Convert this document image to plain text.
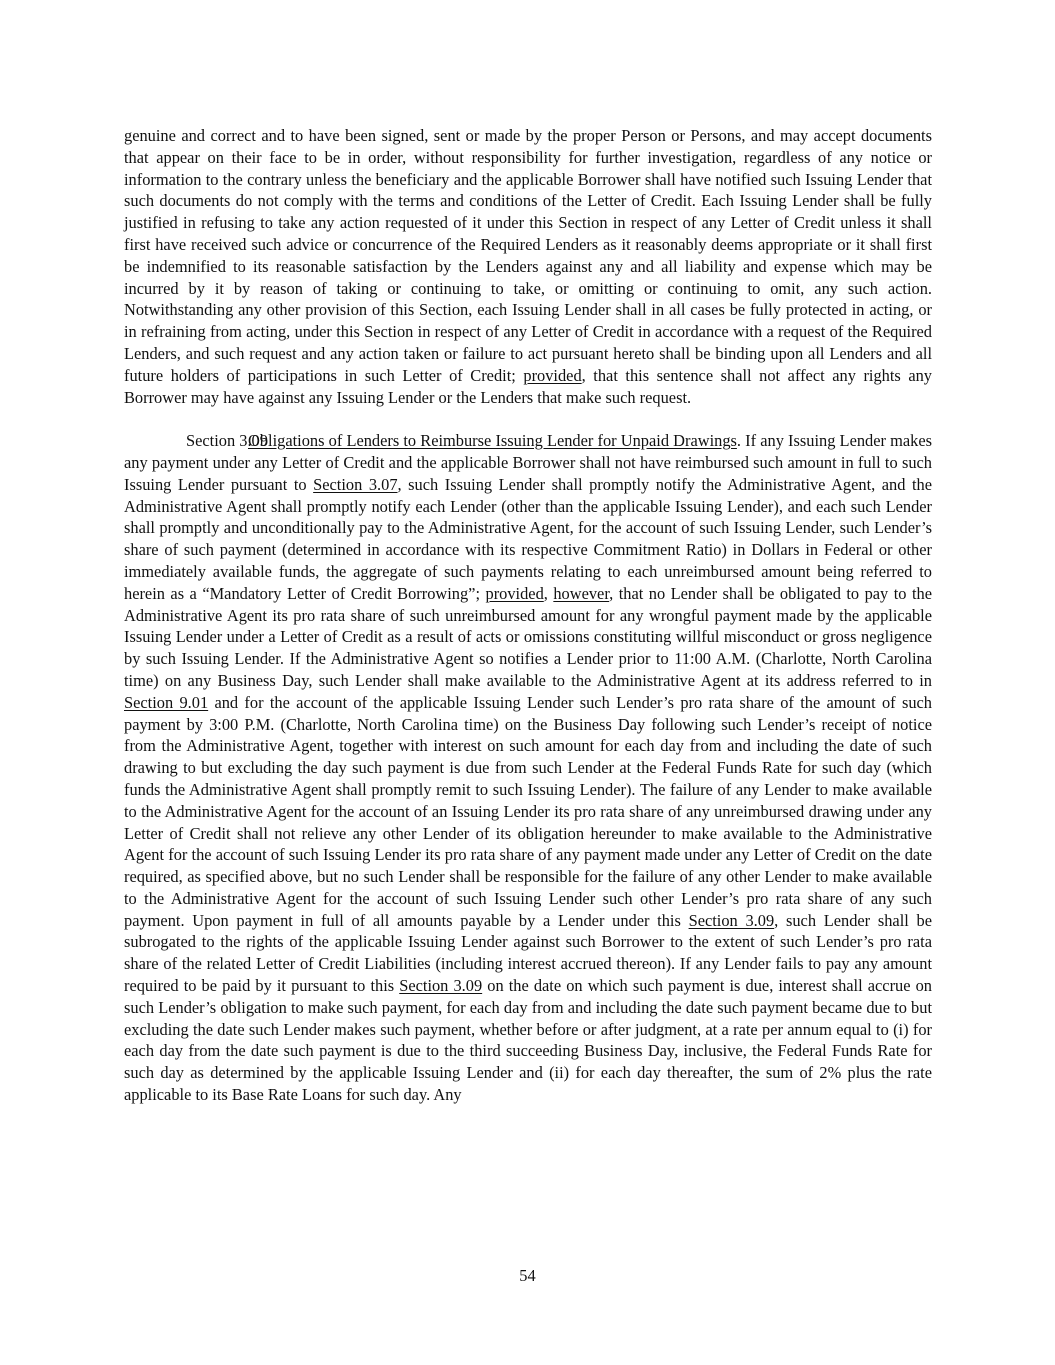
genuine and correct and to have been signed, sent or made by the proper Person or Persons, and may accept documents that appear on their face to be in order, without responsibility for further investigation, regardless of any notice or information to the contrary unless the beneficiary and the applicable Borrower shall have notified such Issuing Lender that such documents do not comply with the terms and conditions of the Letter of Credit. Each Issuing Lender shall be fully justified in refusing to take any action requested of it under this Section in respect of any Letter of Credit unless it shall first have received such advice or concurrence of the Required Lenders as it reasonably deems appropriate or it shall first be indemnified to its reasonable satisfaction by the Lenders against any and all liability and expense which may be incurred by it by reason of taking or continuing to take, or omitting or continuing to omit, any such action. Notwithstanding any other provision of this Section, each Issuing Lender shall in all cases be fully protected in acting, or in refraining from acting, under this Section in respect of any Letter of Credit in accordance with a request of the Required Lenders, and such request and any action taken or failure to act pursuant hereto shall be binding upon all Lenders and all future holders of participations in such Letter of Credit; provided, that this sentence shall not affect any rights any Borrower may have against any Issuing Lender or the Lenders that make such request.

Section 3.09Obligations of Lenders to Reimburse Issuing Lender for Unpaid Drawings. If any Issuing Lender makes any payment under any Letter of Credit and the applicable Borrower shall not have reimbursed such amount in full to such Issuing Lender pursuant to Section 3.07, such Issuing Lender shall promptly notify the Administrative Agent, and the Administrative Agent shall promptly notify each Lender (other than the applicable Issuing Lender), and each such Lender shall promptly and unconditionally pay to the Administrative Agent, for the account of such Issuing Lender, such Lender’s share of such payment (determined in accordance with its respective Commitment Ratio) in Dollars in Federal or other immediately available funds, the aggregate of such payments relating to each unreimbursed amount being referred to herein as a “Mandatory Letter of Credit Borrowing”; provided, however, that no Lender shall be obligated to pay to the Administrative Agent its pro rata share of such unreimbursed amount for any wrongful payment made by the applicable Issuing Lender under a Letter of Credit as a result of acts or omissions constituting willful misconduct or gross negligence by such Issuing Lender. If the Administrative Agent so notifies a Lender prior to 11:00 A.M. (Charlotte, North Carolina time) on any Business Day, such Lender shall make available to the Administrative Agent at its address referred to in Section 9.01 and for the account of the applicable Issuing Lender such Lender’s pro rata share of the amount of such payment by 3:00 P.M. (Charlotte, North Carolina time) on the Business Day following such Lender’s receipt of notice from the Administrative Agent, together with interest on such amount for each day from and including the date of such drawing to but excluding the day such payment is due from such Lender at the Federal Funds Rate for such day (which funds the Administrative Agent shall promptly remit to such Issuing Lender). The failure of any Lender to make available to the Administrative Agent for the account of an Issuing Lender its pro rata share of any unreimbursed drawing under any Letter of Credit shall not relieve any other Lender of its obligation hereunder to make available to the Administrative Agent for the account of such Issuing Lender its pro rata share of any payment made under any Letter of Credit on the date required, as specified above, but no such Lender shall be responsible for the failure of any other Lender to make available to the Administrative Agent for the account of such Issuing Lender such other Lender’s pro rata share of any such payment. Upon payment in full of all amounts payable by a Lender under this Section 3.09, such Lender shall be subrogated to the rights of the applicable Issuing Lender against such Borrower to the extent of such Lender’s pro rata share of the related Letter of Credit Liabilities (including interest accrued thereon). If any Lender fails to pay any amount required to be paid by it pursuant to this Section 3.09 on the date on which such payment is due, interest shall accrue on such Lender’s obligation to make such payment, for each day from and including the date such payment became due to but excluding the date such Lender makes such payment, whether before or after judgment, at a rate per annum equal to (i) for each day from the date such payment is due to the third succeeding Business Day, inclusive, the Federal Funds Rate for such day as determined by the applicable Issuing Lender and (ii) for each day thereafter, the sum of 2% plus the rate applicable to its Base Rate Loans for such day. Any

54
